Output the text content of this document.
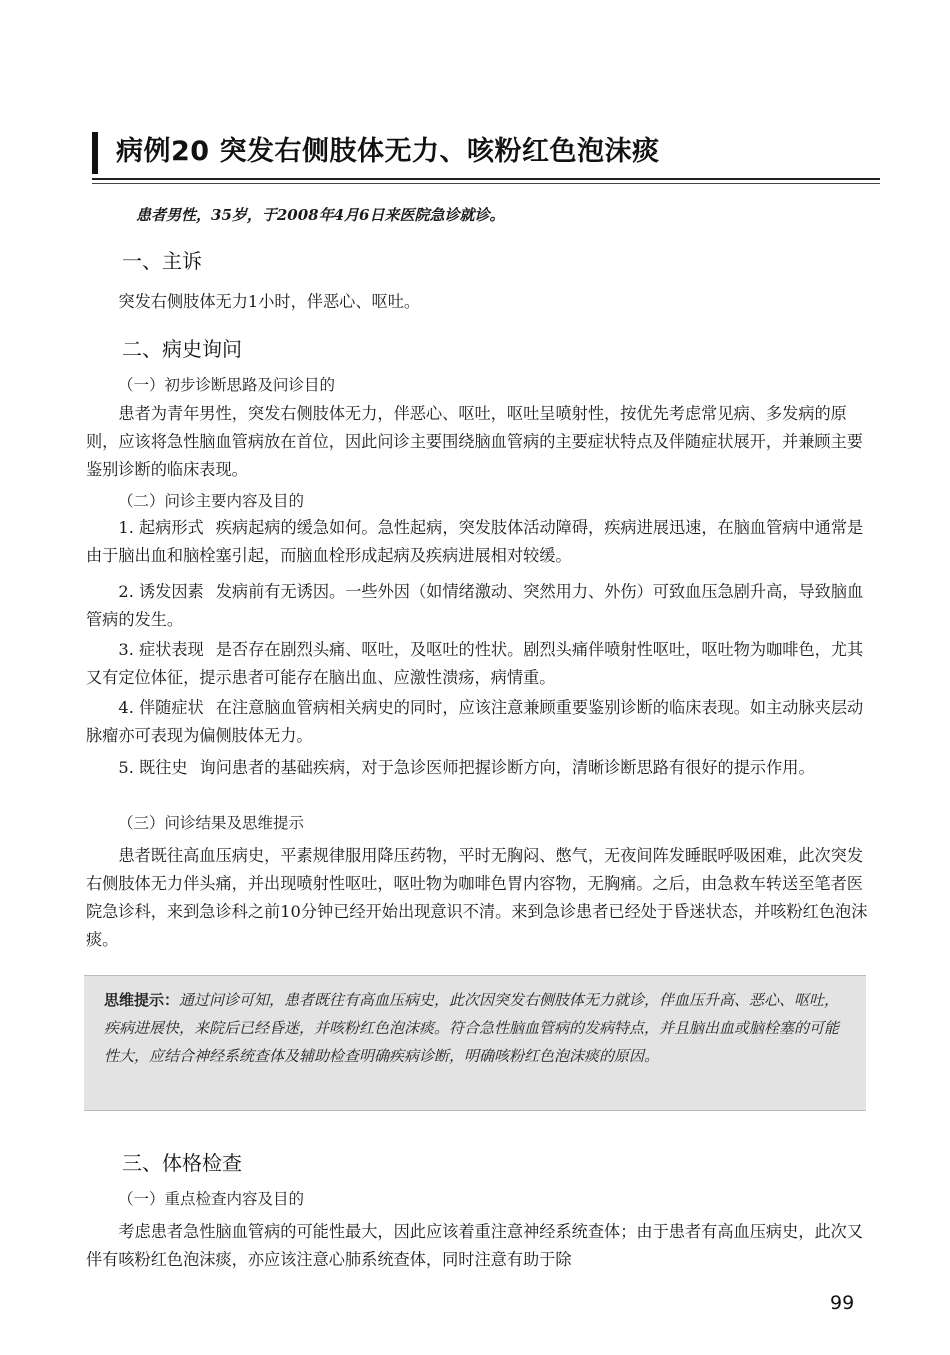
病例20 突发右侧肢体无力、咳粉红色泡沫痰
患者男性，35岁，于2008年4月6日来医院急诊就诊。
一、主诉
突发右侧肢体无力1小时，伴恶心、呕吐。
二、病史询问
（一）初步诊断思路及问诊目的
患者为青年男性，突发右侧肢体无力，伴恶心、呕吐，呕吐呈喷射性，按优先考虑常见病、多发病的原则，应该将急性脑血管病放在首位，因此问诊主要围绕脑血管病的主要症状特点及伴随症状展开，并兼顾主要鉴别诊断的临床表现。
（二）问诊主要内容及目的
1. 起病形式 疾病起病的缓急如何。急性起病，突发肢体活动障碍，疾病进展迅速，在脑血管病中通常是由于脑出血和脑栓塞引起，而脑血栓形成起病及疾病进展相对较缓。
2. 诱发因素 发病前有无诱因。一些外因（如情绪激动、突然用力、外伤）可致血压急剧升高，导致脑血管病的发生。
3. 症状表现 是否存在剧烈头痛、呕吐，及呕吐的性状。剧烈头痛伴喷射性呕吐，呕吐物为咖啡色，尤其又有定位体征，提示患者可能存在脑出血、应激性溃疡，病情重。
4. 伴随症状 在注意脑血管病相关病史的同时，应该注意兼顾重要鉴别诊断的临床表现。如主动脉夹层动脉瘤亦可表现为偏侧肢体无力。
5. 既往史 询问患者的基础疾病，对于急诊医师把握诊断方向，清晰诊断思路有很好的提示作用。
（三）问诊结果及思维提示
患者既往高血压病史，平素规律服用降压药物，平时无胸闷、憋气，无夜间阵发睡眠呼吸困难，此次突发右侧肢体无力伴头痛，并出现喷射性呕吐，呕吐物为咖啡色胃内容物，无胸痛。之后，由急救车转送至笔者医院急诊科，来到急诊科之前10分钟已经开始出现意识不清。来到急诊患者已经处于昏迷状态，并咳粉红色泡沫痰。
思维提示：通过问诊可知，患者既往有高血压病史，此次因突发右侧肢体无力就诊，伴血压升高、恶心、呕吐，疾病进展快，来院后已经昏迷，并咳粉红色泡沫痰。符合急性脑血管病的发病特点，并且脑出血或脑栓塞的可能性大，应结合神经系统查体及辅助检查明确疾病诊断，明确咳粉红色泡沫痰的原因。
三、体格检查
（一）重点检查内容及目的
考虑患者急性脑血管病的可能性最大，因此应该着重注意神经系统查体；由于患者有高血压病史，此次又伴有咳粉红色泡沫痰，亦应该注意心肺系统查体，同时注意有助于除
99
